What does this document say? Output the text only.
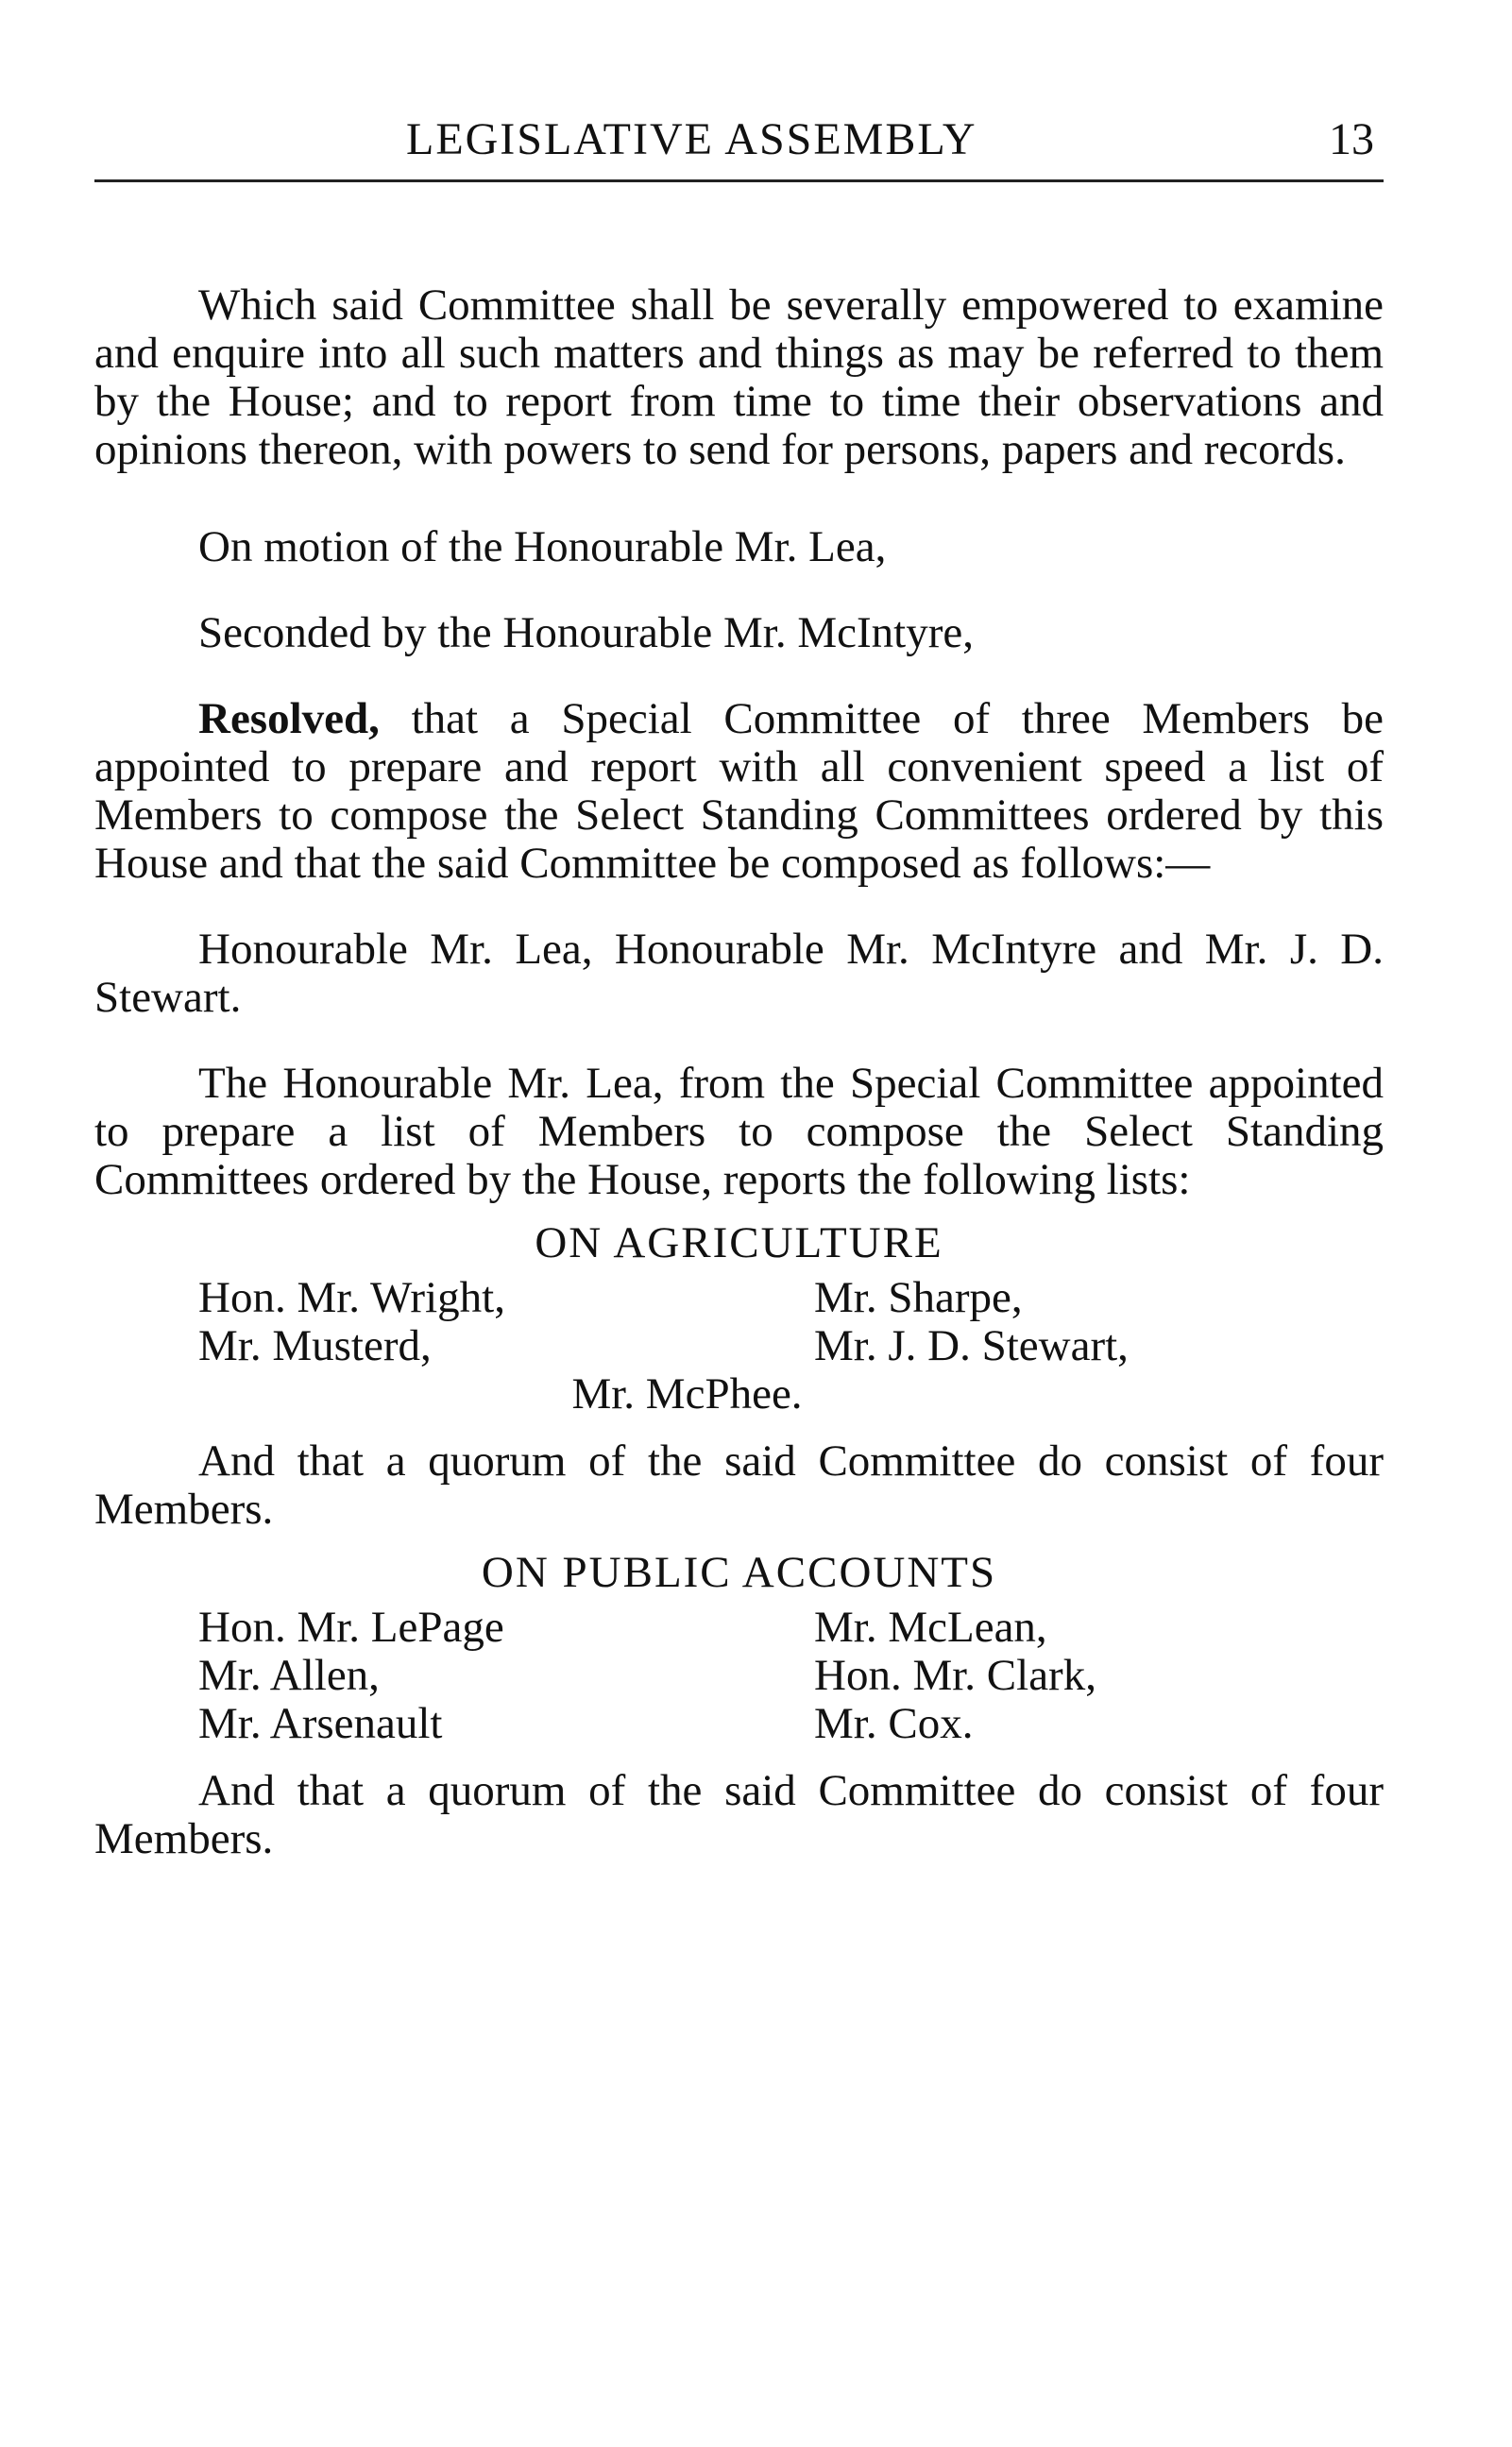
LEGISLATIVE ASSEMBLY	13

Which said Committee shall be severally empowered to examine and enquire into all such matters and things as may be referred to them by the House; and to report from time to time their observations and opinions thereon, with powers to send for persons, papers and records.

On motion of the Honourable Mr. Lea,

Seconded by the Honourable Mr. McIntyre,

Resolved, that a Special Committee of three Members be appointed to prepare and report with all convenient speed a list of Members to compose the Select Standing Committees ordered by this House and that the said Committee be composed as follows:—

Honourable Mr. Lea, Honourable Mr. McIntyre and Mr. J. D. Stewart.

The Honourable Mr. Lea, from the Special Committee appointed to prepare a list of Members to compose the Select Standing Committees ordered by the House, reports the following lists:

ON AGRICULTURE
Hon. Mr. Wright,	Mr. Sharpe,
Mr. Musterd,	Mr. J. D. Stewart,
Mr. McPhee.

And that a quorum of the said Committee do consist of four Members.

ON PUBLIC ACCOUNTS
Hon. Mr. LePage	Mr. McLean,
Mr. Allen,	Hon. Mr. Clark,
Mr. Arsenault	Mr. Cox.

And that a quorum of the said Committee do consist of four Members.
